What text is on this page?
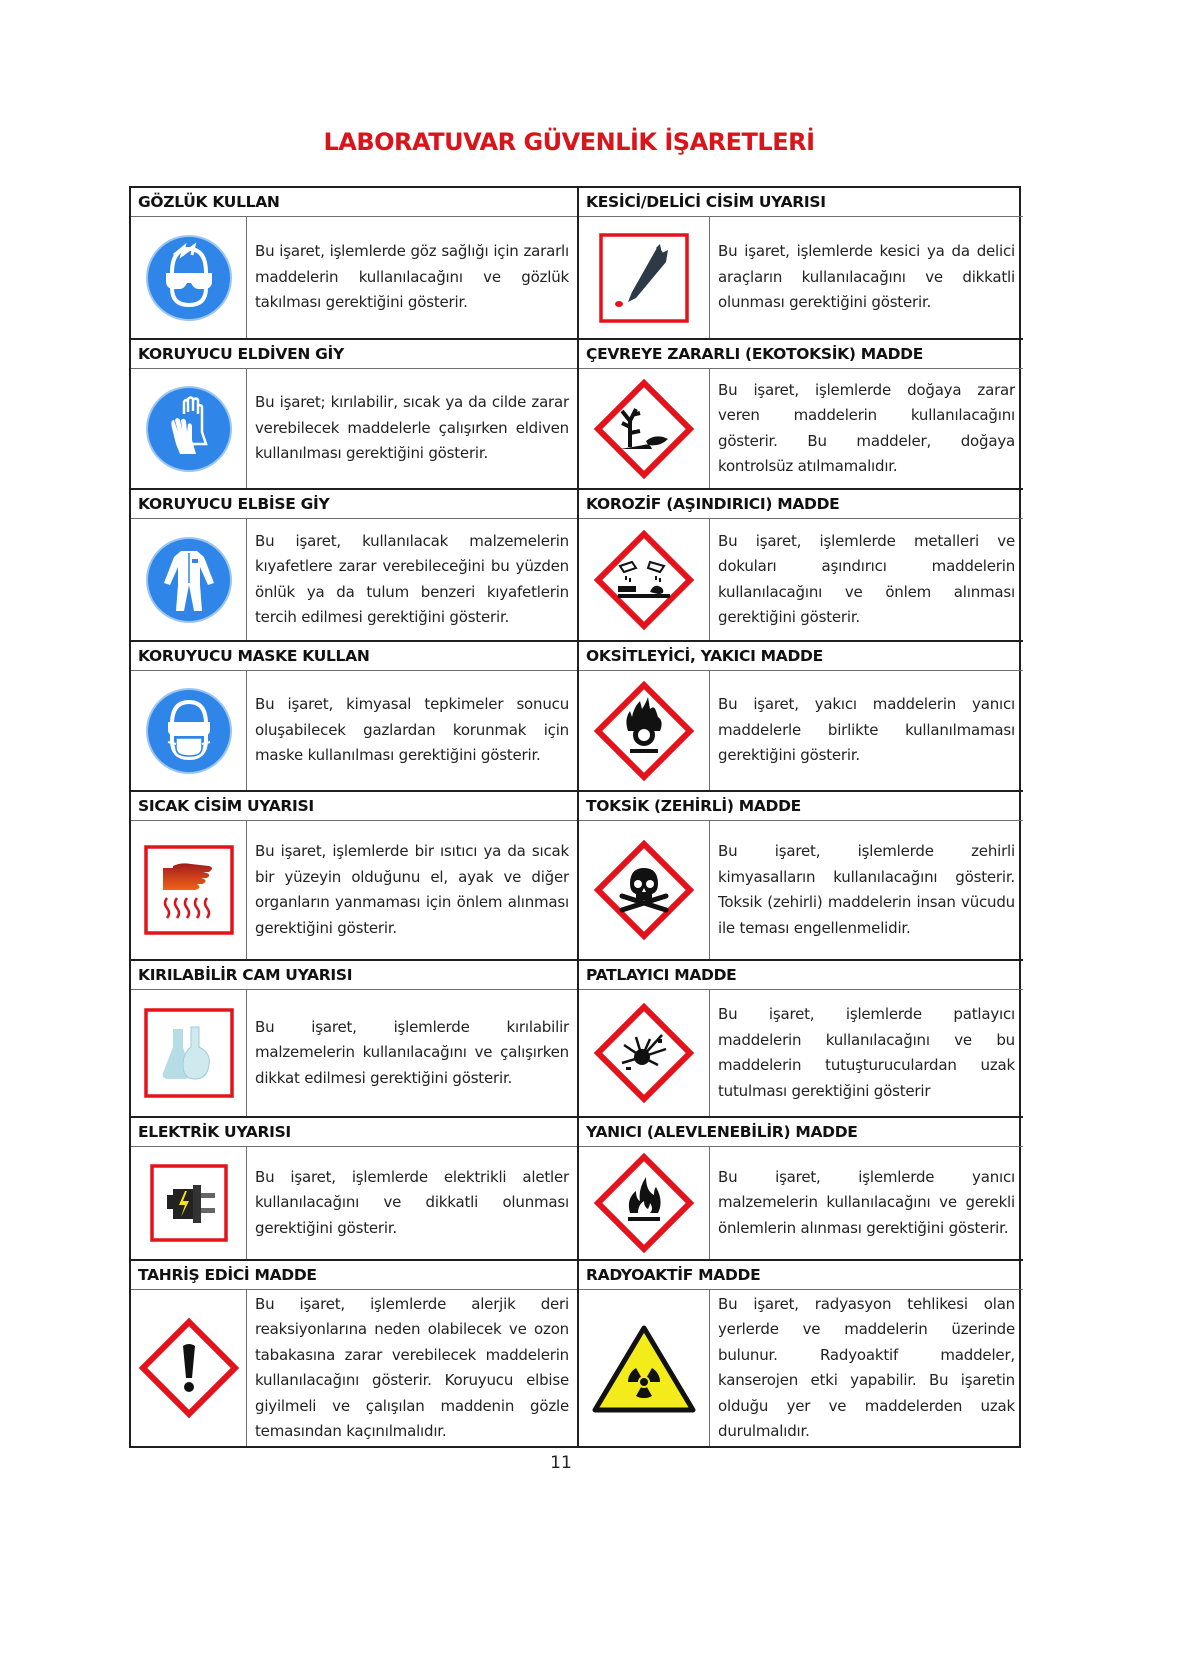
LABORATUVAR GÜVENLİK İŞARETLERİ
GÖZLÜK KULLAN
Bu işaret, işlemlerde göz sağlığı için zararlı maddelerin kullanılacağını ve gözlük takılması gerektiğini gösterir.
KORUYUCU ELDİVEN GİY
Bu işaret; kırılabilir, sıcak ya da cilde zarar verebilecek maddelerle çalışırken eldiven kullanılması gerektiğini gösterir.
KORUYUCU ELBİSE GİY
Bu işaret, kullanılacak malzemelerin kıyafetlere zarar verebileceğini bu yüzden önlük ya da tulum benzeri kıyafetlerin tercih edilmesi gerektiğini gösterir.
KORUYUCU MASKE KULLAN
Bu işaret, kimyasal tepkimeler sonucu oluşabilecek gazlardan korunmak için maske kullanılması gerektiğini gösterir.
SICAK CİSİM UYARISI
Bu işaret, işlemlerde bir ısıtıcı ya da sıcak bir yüzeyin olduğunu el, ayak ve diğer organların yanmaması için önlem alınması gerektiğini gösterir.
KIRILABİLİR CAM UYARISI
Bu işaret, işlemlerde kırılabilir malzemelerin kullanılacağını ve çalışırken dikkat edilmesi gerektiğini gösterir.
ELEKTRİK UYARISI
Bu işaret, işlemlerde elektrikli aletler kullanılacağını ve dikkatli olunması gerektiğini gösterir.
TAHRİŞ EDİCİ MADDE
Bu işaret, işlemlerde alerjik deri reaksiyonlarına neden olabilecek ve ozon tabakasına zarar verebilecek maddelerin kullanılacağını gösterir. Koruyucu elbise giyilmeli ve çalışılan maddenin gözle temasından kaçınılmalıdır.
KESİCİ/DELİCİ CİSİM UYARISI
Bu işaret, işlemlerde kesici ya da delici araçların kullanılacağını ve dikkatli olunması gerektiğini gösterir.
ÇEVREYE ZARARLI (EKOTOKSİK) MADDE
Bu işaret, işlemlerde doğaya zarar veren maddelerin kullanılacağını gösterir. Bu maddeler, doğaya kontrolsüz atılmamalıdır.
KOROZİF (AŞINDIRICI) MADDE
Bu işaret, işlemlerde metalleri ve dokuları aşındırıcı maddelerin kullanılacağını ve önlem alınması gerektiğini gösterir.
OKSİTLEYİCİ, YAKICI MADDE
Bu işaret, yakıcı maddelerin yanıcı maddelerle birlikte kullanılmaması gerektiğini gösterir.
TOKSİK (ZEHİRLİ) MADDE
Bu işaret, işlemlerde zehirli kimyasalların kullanılacağını gösterir. Toksik (zehirli) maddelerin insan vücudu ile teması engellenmelidir.
PATLAYICI MADDE
Bu işaret, işlemlerde patlayıcı maddelerin kullanılacağını ve bu maddelerin tutuşturuculardan uzak tutulması gerektiğini gösterir
YANICI (ALEVLENEBİLİR) MADDE
Bu işaret, işlemlerde yanıcı malzemelerin kullanılacağını ve gerekli önlemlerin alınması gerektiğini gösterir.
RADYOAKTİF MADDE
Bu işaret, radyasyon tehlikesi olan yerlerde ve maddelerin üzerinde bulunur. Radyoaktif maddeler, kanserojen etki yapabilir. Bu işaretin olduğu yer ve maddelerden uzak durulmalıdır.
11
